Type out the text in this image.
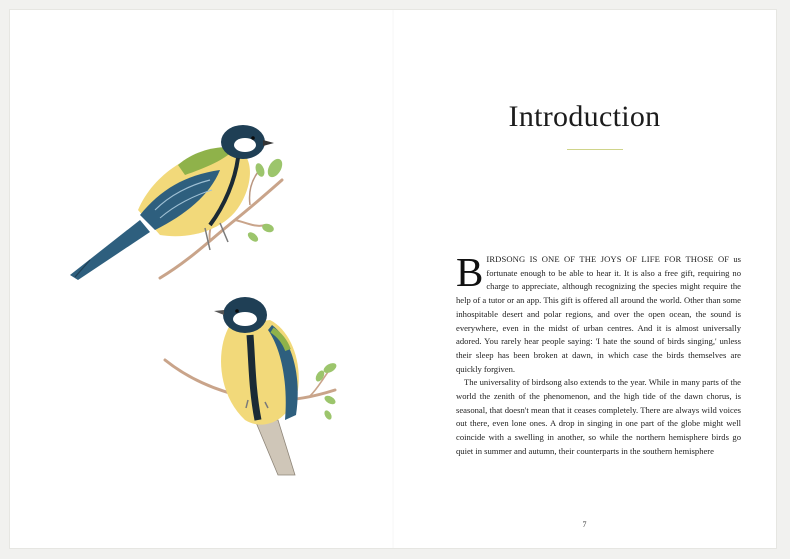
Introduction

BIRDSONG IS ONE OF THE JOYS OF LIFE FOR THOSE OF us fortunate enough to be able to hear it. It is also a free gift, requiring no charge to appreciate, although recognizing the species might require the help of a tutor or an app. This gift is offered all around the world. Other than some inhospitable desert and polar regions, and over the open ocean, the sound is everywhere, even in the midst of urban centres. And it is almost universally adored. You rarely hear people saying: 'I hate the sound of birds singing,' unless their sleep has been broken at dawn, in which case the birds themselves are quickly forgiven.

The universality of birdsong also extends to the year. While in many parts of the world the zenith of the phenomenon, and the high tide of the dawn chorus, is seasonal, that doesn't mean that it ceases completely. There are always wild voices out there, even lone ones. A drop in singing in one part of the globe might well coincide with a swelling in another, so while the northern hemisphere birds go quiet in summer and autumn, their counterparts in the southern hemisphere

7
